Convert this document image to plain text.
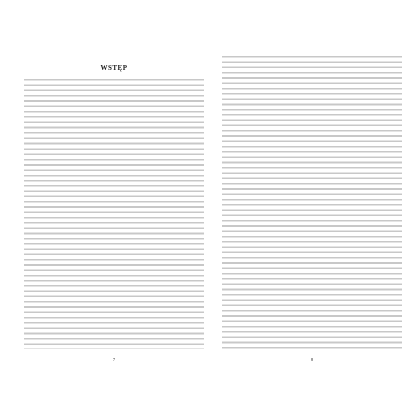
WSTĘP

7	8
